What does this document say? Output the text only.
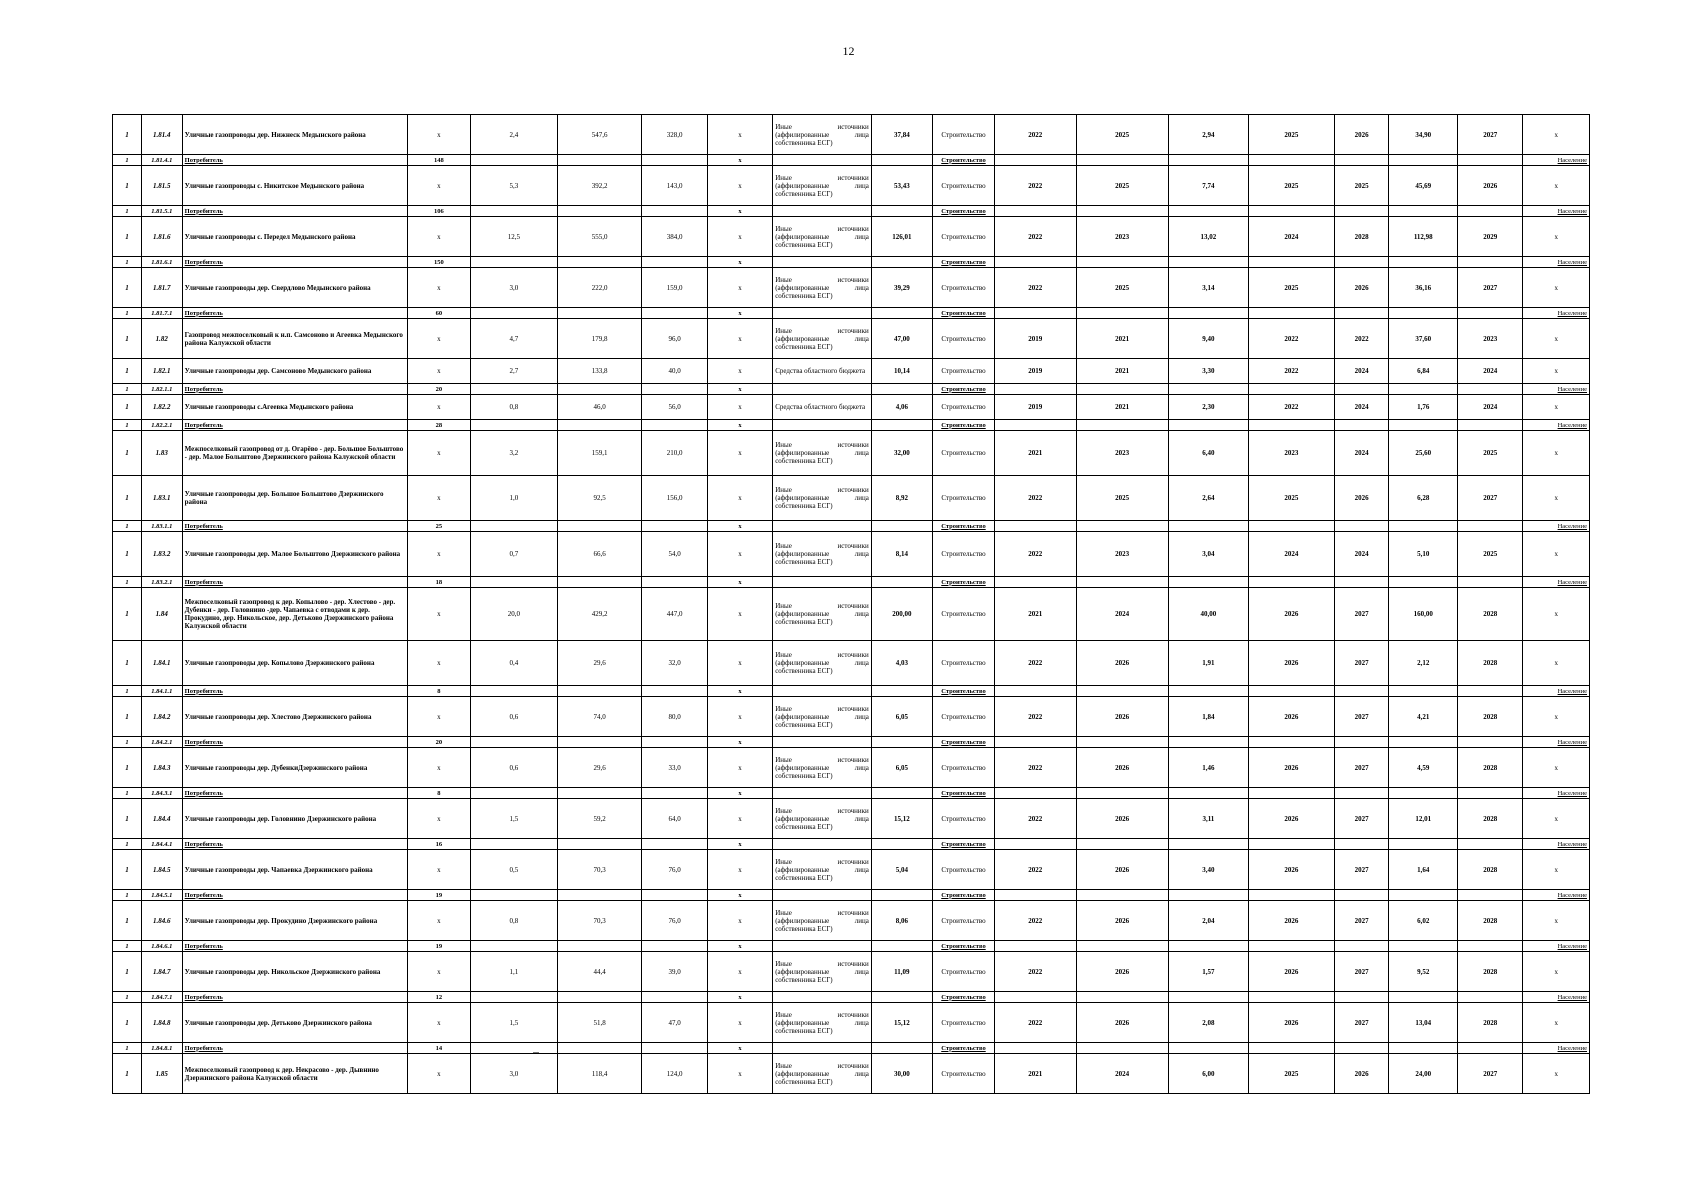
12
1	1.81.4	Уличные газопроводы дер. Нижнеск Медынского района	x	2,4	547,6	328,0	x	Иные источники (аффилированные лица собственника ЕСГ)	37,84	Строительство	2022	2025	2,94	2025	2026	34,90	2027	x
1	1.81.4.1	Потребитель	148				x			Строительство								Население
1	1.81.5	Уличные газопроводы с. Никитское Медынского района	x	5,3	392,2	143,0	x	Иные источники (аффилированные лица собственника ЕСГ)	53,43	Строительство	2022	2025	7,74	2025	2025	45,69	2026	x
1	1.81.5.1	Потребитель	106				x			Строительство								Население
1	1.81.6	Уличные газопроводы с. Передел Медынского района	x	12,5	555,0	384,0	x	Иные источники (аффилированные лица собственника ЕСГ)	126,01	Строительство	2022	2023	13,02	2024	2028	112,98	2029	x
1	1.81.6.1	Потребитель	150				x			Строительство								Население
1	1.81.7	Уличные газопроводы дер. Свердлово Медынского района	x	3,0	222,0	159,0	x	Иные источники (аффилированные лица собственника ЕСГ)	39,29	Строительство	2022	2025	3,14	2025	2026	36,16	2027	x
1	1.81.7.1	Потребитель	60				x			Строительство								Население
1	1.82	Газопровод межпоселковый к н.п. Самсоново и Агеевка Медынского района Калужской области	x	4,7	179,8	96,0	x	Иные источники (аффилированные лица собственника ЕСГ)	47,00	Строительство	2019	2021	9,40	2022	2022	37,60	2023	x
1	1.82.1	Уличные газопроводы дер. Самсоново Медынского района	x	2,7	133,8	40,0	x	Средства областного бюджета	10,14	Строительство	2019	2021	3,30	2022	2024	6,84	2024	x
1	1.82.1.1	Потребитель	20				x			Строительство								Население
1	1.82.2	Уличные газопроводы с.Агеевка Медынского района	x	0,8	46,0	56,0	x	Средства областного бюджета	4,06	Строительство	2019	2021	2,30	2022	2024	1,76	2024	x
1	1.82.2.1	Потребитель	28				x			Строительство								Население
1	1.83	Межпоселковый газопровод от д. Огарёво - дер. Большое Больштово - дер. Малое Больштово Дзержинского района Калужской области	x	3,2	159,1	210,0	x	Иные источники (аффилированные лица собственника ЕСГ)	32,00	Строительство	2021	2023	6,40	2023	2024	25,60	2025	x
1	1.83.1	Уличные газопроводы дер. Большое Больштово Дзержинского района	x	1,0	92,5	156,0	x	Иные источники (аффилированные лица собственника ЕСГ)	8,92	Строительство	2022	2025	2,64	2025	2026	6,28	2027	x
1	1.83.1.1	Потребитель	25				x			Строительство								Население
1	1.83.2	Уличные газопроводы дер. Малое Больштово Дзержинского района	x	0,7	66,6	54,0	x	Иные источники (аффилированные лица собственника ЕСГ)	8,14	Строительство	2022	2023	3,04	2024	2024	5,10	2025	x
1	1.83.2.1	Потребитель	18				x			Строительство								Население
1	1.84	Межпоселковый газопровод к дер. Копылово - дер. Хлестово - дер. Дубенки - дер. Головнино -дер. Чапаевка с отводами к дер. Прокудино, дер. Никольское, дер. Детьково Дзержинского района Калужской области	x	20,0	429,2	447,0	x	Иные источники (аффилированные лица собственника ЕСГ)	200,00	Строительство	2021	2024	40,00	2026	2027	160,00	2028	x
1	1.84.1	Уличные газопроводы дер. Копылово Дзержинского района	x	0,4	29,6	32,0	x	Иные источники (аффилированные лица собственника ЕСГ)	4,03	Строительство	2022	2026	1,91	2026	2027	2,12	2028	x
1	1.84.1.1	Потребитель	8				x			Строительство								Население
1	1.84.2	Уличные газопроводы дер. Хлестово Дзержинского района	x	0,6	74,0	80,0	x	Иные источники (аффилированные лица собственника ЕСГ)	6,05	Строительство	2022	2026	1,84	2026	2027	4,21	2028	x
1	1.84.2.1	Потребитель	20				x			Строительство								Население
1	1.84.3	Уличные газопроводы дер. ДубенкиДзержинского района	x	0,6	29,6	33,0	x	Иные источники (аффилированные лица собственника ЕСГ)	6,05	Строительство	2022	2026	1,46	2026	2027	4,59	2028	x
1	1.84.3.1	Потребитель	8				x			Строительство								Население
1	1.84.4	Уличные газопроводы дер. Головнино Дзержинского района	x	1,5	59,2	64,0	x	Иные источники (аффилированные лица собственника ЕСГ)	15,12	Строительство	2022	2026	3,11	2026	2027	12,01	2028	x
1	1.84.4.1	Потребитель	16				x			Строительство								Население
1	1.84.5	Уличные газопроводы дер. Чапаевка Дзержинского района	x	0,5	70,3	76,0	x	Иные источники (аффилированные лица собственника ЕСГ)	5,04	Строительство	2022	2026	3,40	2026	2027	1,64	2028	x
1	1.84.5.1	Потребитель	19				x			Строительство								Население
1	1.84.6	Уличные газопроводы дер. Прокудино Дзержинского района	x	0,8	70,3	76,0	x	Иные источники (аффилированные лица собственника ЕСГ)	8,06	Строительство	2022	2026	2,04	2026	2027	6,02	2028	x
1	1.84.6.1	Потребитель	19				x			Строительство								Население
1	1.84.7	Уличные газопроводы дер. Никольское Дзержинского района	x	1,1	44,4	39,0	x	Иные источники (аффилированные лица собственника ЕСГ)	11,09	Строительство	2022	2026	1,57	2026	2027	9,52	2028	x
1	1.84.7.1	Потребитель	12				x			Строительство								Население
1	1.84.8	Уличные газопроводы дер. Детьково Дзержинского района	x	1,5	51,8	47,0	x	Иные источники (аффилированные лица собственника ЕСГ)	15,12	Строительство	2022	2026	2,08	2026	2027	13,04	2028	x
1	1.84.8.1	Потребитель	14				x			Строительство								Население
1	1.85	Межпоселковый газопровод к дер. Некрасово - дер. Дывнино Дзержинского района Калужской области	x	3,0	118,4	124,0	x	Иные источники (аффилированные лица собственника ЕСГ)	30,00	Строительство	2021	2024	6,00	2025	2026	24,00	2027	x
